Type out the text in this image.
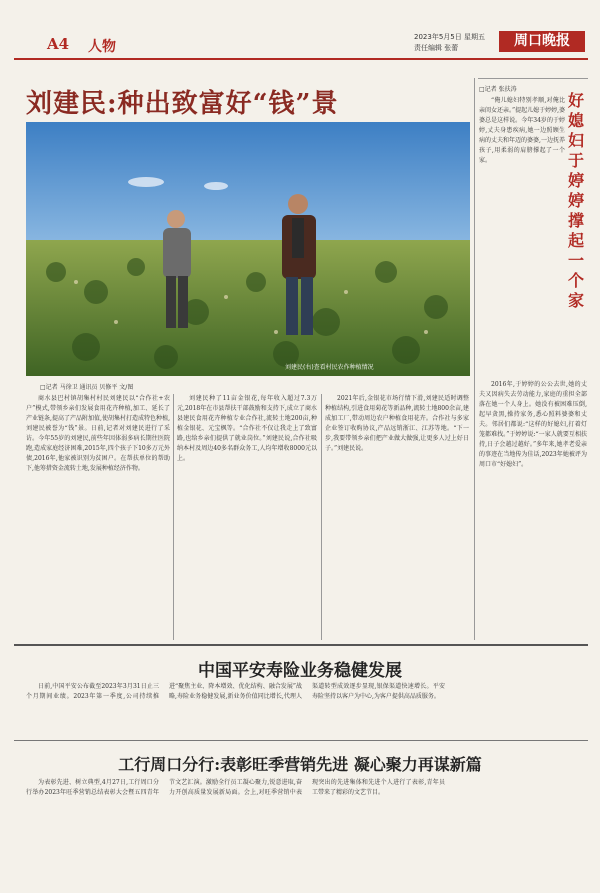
A4 人物
2023年5月5日 星期五
责任编辑 张蕾	周口晚报
刘建民:种出致富好“钱”景
刘建民(右)查看村民农作种植情况
□记者 马徐卫 通讯员 贝修平 文/图

商水县巴村镇胡集村村民刘建民以“合作社+农户”模式,带领乡亲们发展食用花卉种植,加工、延长了产业链条,提高了产品附加值,使胡集村打造成特色种植,刘建民被誉为“钱”景。日前,记者对刘建民进行了采访。今年55岁的刘建民,前些年因体弱多病长期往医院跑,造成家庭经济困难,2015年,四个孩子下10多万元外债,2016年,他家被识别为贫困户。在帮扶单位的帮助下,他筹措资金流转土地,发展种植经济作物。

刘建民种了11亩金银花,每年收入超过7.3万元,2018年在市县帮扶干部鼓励和支持下,成立了商水县建民食用花卉种植专业合作社,流转土地200亩,种植金银花、元宝枫等。“合作社不仅让我走上了致富路,也给乡亲们提供了就业岗位。”刘建民说,合作社吸纳本村及周边40多名群众务工,人均年增收8000元以上。

2021年后,金银花市场行情下滑,刘建民适时调整种植结构,引进食用菊花等新品种,流转土地800余亩,建成加工厂,带动周边农户种植食用花卉。合作社与多家企业签订收购协议,产品远销浙江、江苏等地。“下一步,我要带领乡亲们把产业做大做强,让更多人过上好日子。”刘建民说。

□记者 张扶涛
好媳妇于婷婷撑起一个家

“俺儿媳妇特别孝顺,对俺比亲闺女还亲。”提起儿媳于婷婷,婆婆总是这样说。今年34岁的于婷婷,丈夫身患疾病,她一边照顾生病的丈夫和年迈的婆婆,一边抚养孩子,用柔弱的肩膀撑起了一个家。

2016年,于婷婷的公公去世,她的丈夫又因病失去劳动能力,家庭的重担全部落在她一个人身上。她没有被困难压倒,起早贪黑,操持家务,悉心照料婆婆和丈夫。邻居们都说:“这样的好媳妇,打着灯笼都难找。”于婷婷说:“一家人就要互相扶持,日子会越过越好。”多年来,她孝老爱亲的事迹在当地传为佳话,2023年她被评为周口市“好媳妇”。

中国平安寿险业务稳健发展

日前,中国平安公布截至2023年3月31日止三个月期间业绩。2023年第一季度,公司持续推进“聚焦主业、降本增效、优化结构、融合发展”战略,寿险业务稳健发展,新业务价值同比增长,代理人渠道转型成效逐步显现,银保渠道快速增长。平安寿险坚持以客户为中心,为客户提供高品质服务。

工行周口分行:表彰旺季营销先进 凝心聚力再谋新篇

为表彰先进、树立典型,4月27日,工行周口分行举办2023年旺季营销总结表彰大会暨五四青年节文艺汇演。激励全行员工凝心聚力,锐意进取,奋力开创高质量发展新局面。会上,对旺季营销中表现突出的先进集体和先进个人进行了表彰,青年员工带来了精彩的文艺节目。
